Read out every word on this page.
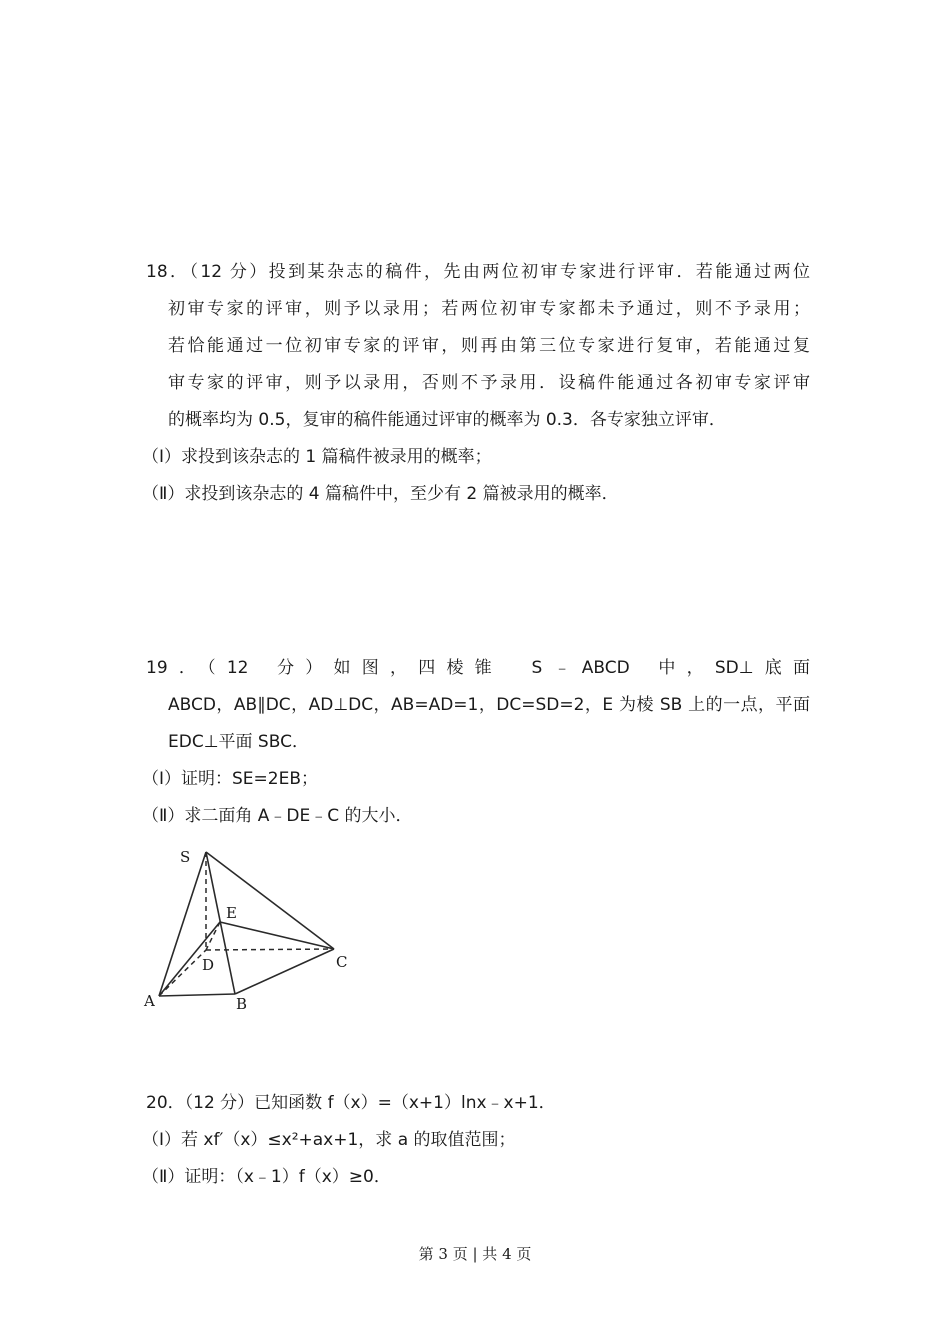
18．（12 分）投到某杂志的稿件，先由两位初审专家进行评审．若能通过两位
初审专家的评审，则予以录用；若两位初审专家都未予通过，则不予录用；
若恰能通过一位初审专家的评审，则再由第三位专家进行复审，若能通过复
审专家的评审，则予以录用，否则不予录用．设稿件能通过各初审专家评审
的概率均为 0.5，复审的稿件能通过评审的概率为 0.3．各专家独立评审．
（Ⅰ）求投到该杂志的 1 篇稿件被录用的概率；
（Ⅱ）求投到该杂志的 4 篇稿件中，至少有 2 篇被录用的概率．
19．（12 分）如图，四棱锥 S﹣ABCD 中，SD⊥底面
ABCD，AB∥DC，AD⊥DC，AB=AD=1，DC=SD=2，E 为棱 SB 上的一点，平面
EDC⊥平面 SBC．
（Ⅰ）证明：SE=2EB；
（Ⅱ）求二面角 A﹣DE﹣C 的大小．
S
E
D	C
A	B
20．（12 分）已知函数 f（x）=（x+1）lnx﹣x+1．
（Ⅰ）若 xf′（x）≤x²+ax+1，求 a 的取值范围；
（Ⅱ）证明：（x﹣1）f（x）≥0．
第 3 页 | 共 4 页
